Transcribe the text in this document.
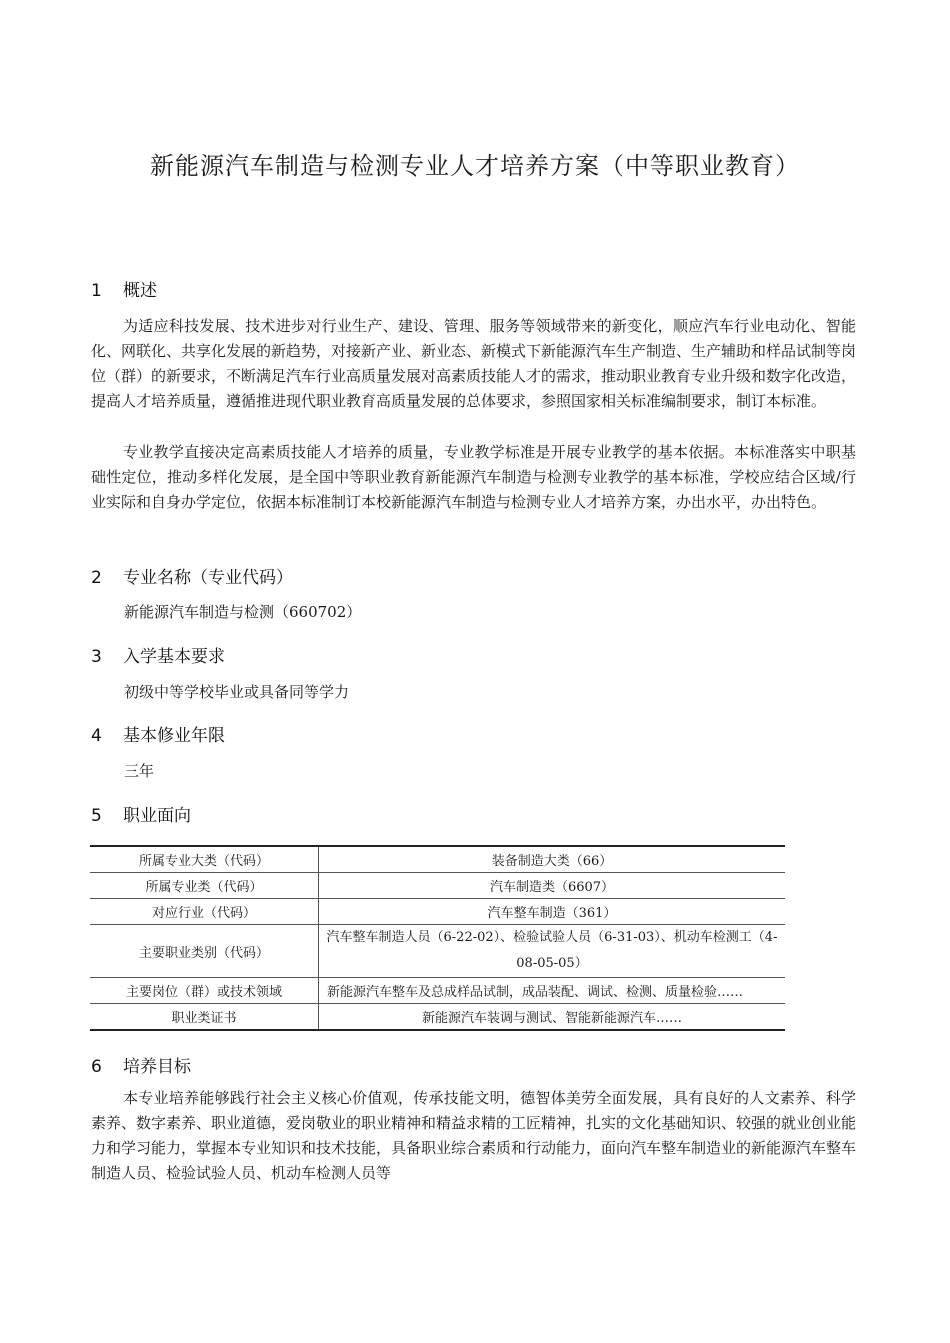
新能源汽车制造与检测专业人才培养方案（中等职业教育）
1 概述

为适应科技发展、技术进步对行业生产、建设、管理、服务等领域带来的新变化，顺应汽车行业电动化、智能化、网联化、共享化发展的新趋势，对接新产业、新业态、新模式下新能源汽车生产制造、生产辅助和样品试制等岗位（群）的新要求，不断满足汽车行业高质量发展对高素质技能人才的需求，推动职业教育专业升级和数字化改造，提高人才培养质量，遵循推进现代职业教育高质量发展的总体要求，参照国家相关标准编制要求，制订本标准。

专业教学直接决定高素质技能人才培养的质量，专业教学标准是开展专业教学的基本依据。本标准落实中职基础性定位，推动多样化发展，是全国中等职业教育新能源汽车制造与检测专业教学的基本标准，学校应结合区域/行业实际和自身办学定位，依据本标准制订本校新能源汽车制造与检测专业人才培养方案，办出水平，办出特色。

2 专业名称（专业代码）

新能源汽车制造与检测（660702）

3 入学基本要求

初级中等学校毕业或具备同等学力

4 基本修业年限

三年

5 职业面向
所属专业大类（代码）	装备制造大类（66）
所属专业类（代码）	汽车制造类（6607）
对应行业（代码）	汽车整车制造（361）
主要职业类别（代码）	汽车整车制造人员（6-22-02）、检验试验人员（6-31-03）、机动车检测工（4-08-05-05）
主要岗位（群）或技术领域	新能源汽车整车及总成样品试制，成品装配、调试、检测、质量检验……
职业类证书	新能源汽车装调与测试、智能新能源汽车……
6 培养目标

本专业培养能够践行社会主义核心价值观，传承技能文明，德智体美劳全面发展，具有良好的人文素养、科学素养、数字素养、职业道德，爱岗敬业的职业精神和精益求精的工匠精神，扎实的文化基础知识、较强的就业创业能力和学习能力，掌握本专业知识和技术技能，具备职业综合素质和行动能力，面向汽车整车制造业的新能源汽车整车制造人员、检验试验人员、机动车检测人员等
